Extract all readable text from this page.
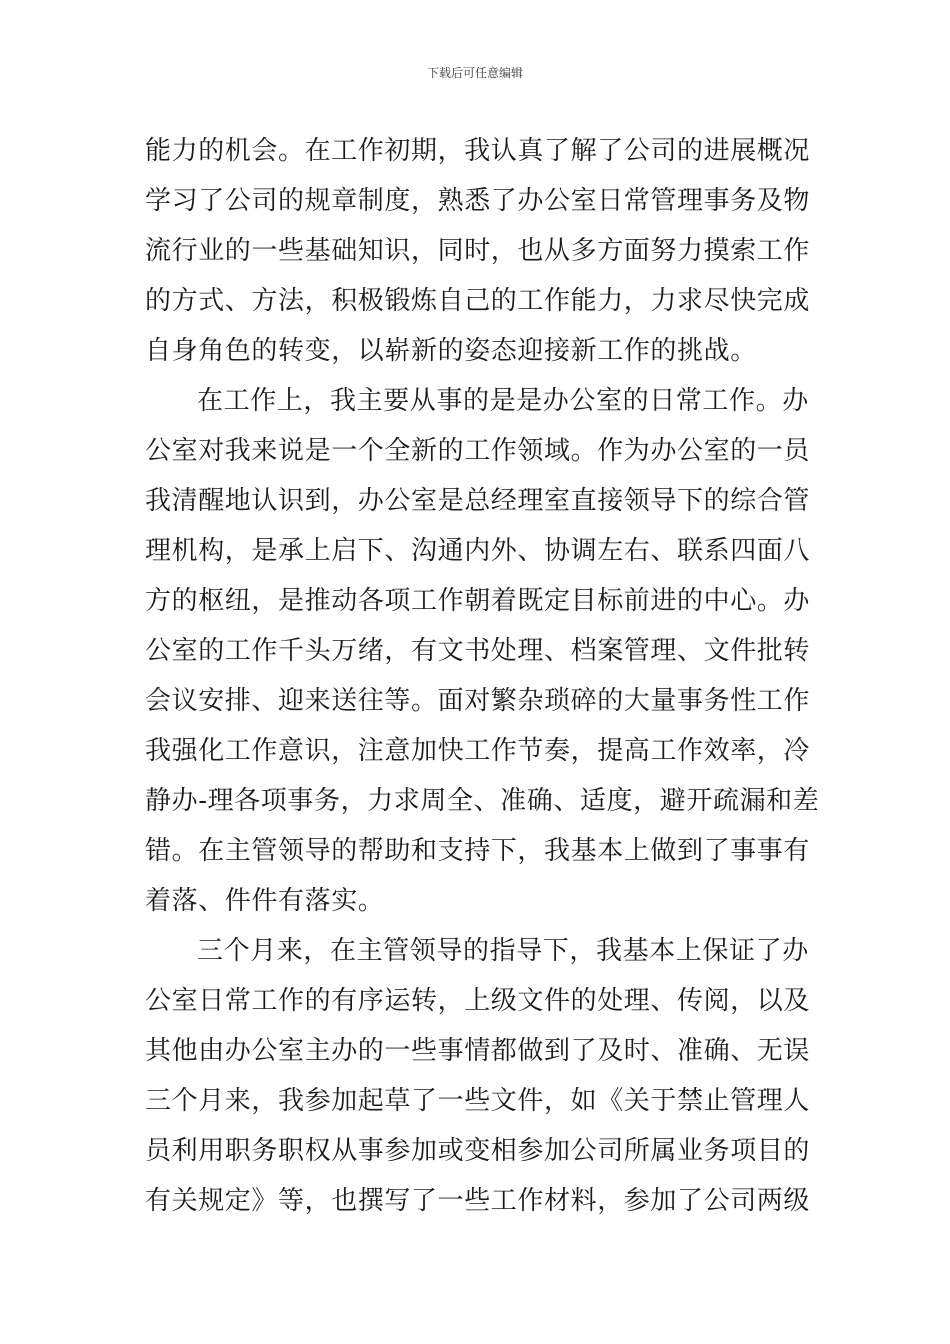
下载后可任意编辑
能力的机会。在工作初期，我认真了解了公司的进展概况
学习了公司的规章制度，熟悉了办公室日常管理事务及物
流行业的一些基础知识，同时，也从多方面努力摸索工作
的方式、方法，积极锻炼自己的工作能力，力求尽快完成
自身角色的转变，以崭新的姿态迎接新工作的挑战。
在工作上，我主要从事的是是办公室的日常工作。办
公室对我来说是一个全新的工作领域。作为办公室的一员
我清醒地认识到，办公室是总经理室直接领导下的综合管
理机构，是承上启下、沟通内外、协调左右、联系四面八
方的枢纽，是推动各项工作朝着既定目标前进的中心。办
公室的工作千头万绪，有文书处理、档案管理、文件批转
会议安排、迎来送往等。面对繁杂琐碎的大量事务性工作
我强化工作意识，注意加快工作节奏，提高工作效率，冷
静办-理各项事务，力求周全、准确、适度，避开疏漏和差
错。在主管领导的帮助和支持下，我基本上做到了事事有
着落、件件有落实。
三个月来，在主管领导的指导下，我基本上保证了办
公室日常工作的有序运转，上级文件的处理、传阅，以及
其他由办公室主办的一些事情都做到了及时、准确、无误
三个月来，我参加起草了一些文件，如《关于禁止管理人
员利用职务职权从事参加或变相参加公司所属业务项目的
有关规定》等，也撰写了一些工作材料，参加了公司两级
